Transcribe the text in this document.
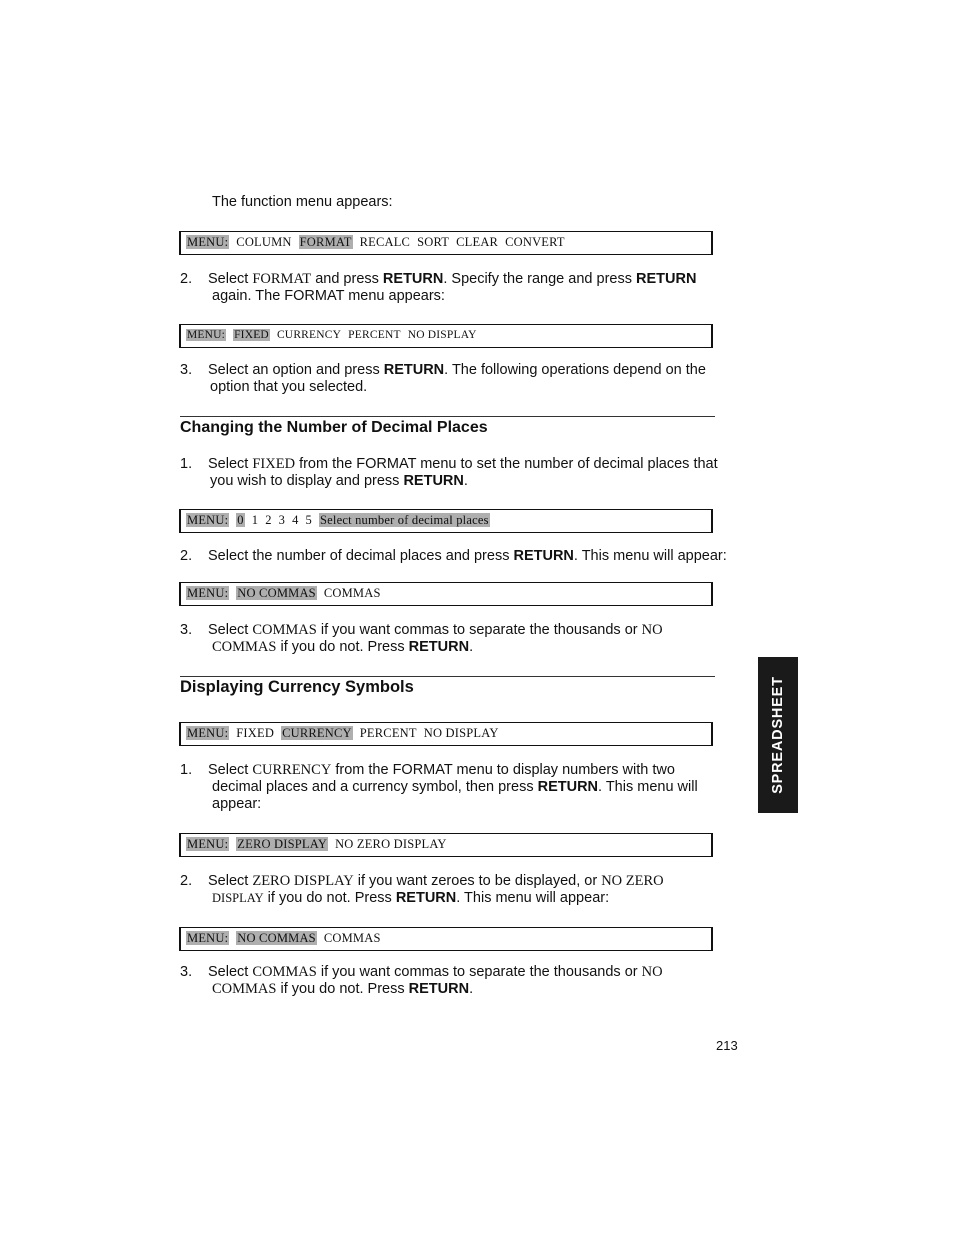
The function menu appears:
MENU: COLUMN FORMAT RECALC SORT CLEAR CONVERT
2. Select FORMAT and press RETURN. Specify the range and press RETURN
again. The FORMAT menu appears:
MENU: FIXED CURRENCY PERCENT NO DISPLAY
3. Select an option and press RETURN. The following operations depend on the
option that you selected.
Changing the Number of Decimal Places
1. Select FIXED from the FORMAT menu to set the number of decimal places that
you wish to display and press RETURN.
MENU: 0 1 2 3 4 5 Select number of decimal places
2. Select the number of decimal places and press RETURN. This menu will appear:
MENU: NO COMMAS COMMAS
3. Select COMMAS if you want commas to separate the thousands or NO
COMMAS if you do not. Press RETURN.
Displaying Currency Symbols
MENU: FIXED CURRENCY PERCENT NO DISPLAY
1. Select CURRENCY from the FORMAT menu to display numbers with two
decimal places and a currency symbol, then press RETURN. This menu will
appear:
MENU: ZERO DISPLAY NO ZERO DISPLAY
2. Select ZERO DISPLAY if you want zeroes to be displayed, or NO ZERO
DISPLAY if you do not. Press RETURN. This menu will appear:
MENU: NO COMMAS COMMAS
3. Select COMMAS if you want commas to separate the thousands or NO
COMMAS if you do not. Press RETURN.
SPREADSHEET
213
